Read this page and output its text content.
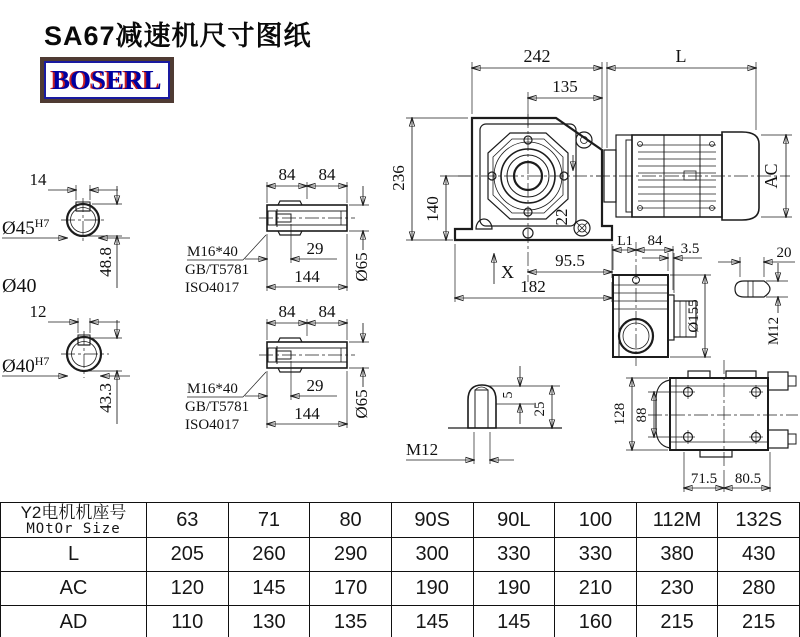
SA67减速机尺寸图纸
BOSERL
14
$Ø45^{H7}$
48.8
Ø40
12
$Ø40^{H7}$
43.3
84 84
29
144 Ø65
M16*40
GB/T5781
ISO4017
84 84
29
144 Ø65
M16*40
GB/T5781
ISO4017
242	L
135
236
140
AC
22
X
95.5
182
L1 84 3.5
Ø155
20
M12
5
25
M12
128 88
71.5 80.5
Y2电机机座号
MOtOr Size	63	71	80	90S	90L	100	112M	132S
L	205	260	290	300	330	330	380	430
AC	120	145	170	190	190	210	230	280
AD	110	130	135	145	145	160	215	215
